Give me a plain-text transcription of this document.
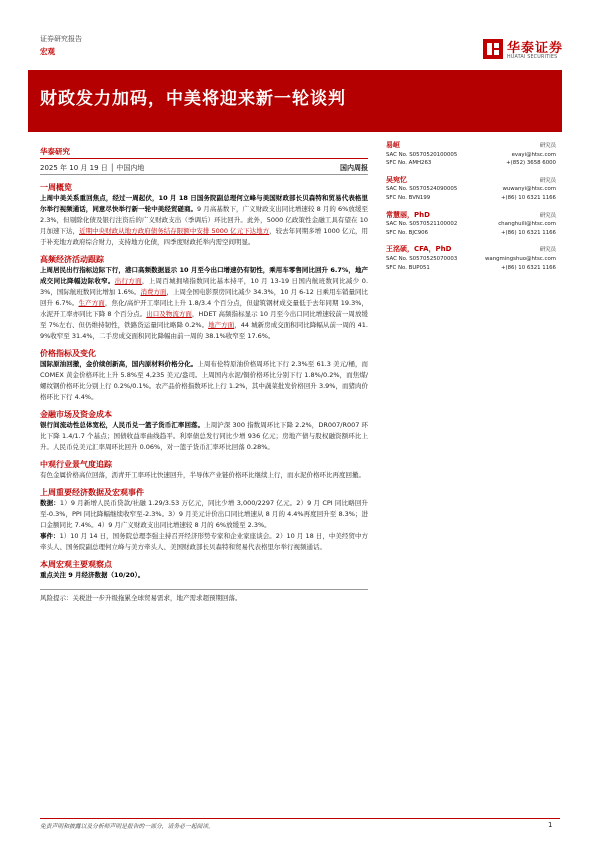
证券研究报告
宏观	华泰证券
HUATAI SECURITIES
财政发力加码，中美将迎来新一轮谈判
华泰研究
2025 年 10 月 19 日 │ 中国内地	国内周报
一周概览
上周中美关系重回焦点，经过一周起伏，10 月 18 日国务院副总理何立峰与美国财政部长贝森特和贸易代表格里尔举行视频通话，同意尽快举行新一轮中美经贸磋商。9 月高基数下，广义财政支出同比增速较 8 月的 6%放缓至 2.3%，但剔除化债及银行注资后的广义财政支出（季调后）环比回升。此外，5000 亿政策性金融工具有望在 10 月加速下达，近期中央财政从地方政府债务结存限额中安排 5000 亿元下达地方，较去年同期多增 1000 亿元，用于补充地方政府综合财力，支持地方化债，四季度财政托举内需空间明显。
高频经济活动跟踪
上周居民出行指标边际下行，港口高频数据显示 10 月至今出口增速仍有韧性，乘用车零售同比回升 6.7%，地产成交同比降幅边际收窄。出行方面，上周百城拥堵指数同比基本持平，10 月 13-19 日国内航班数同比减少 0.3%，国际航班数同比增加 1.6%。消费方面，上周全国电影票房同比减少 34.3%，10 月 6-12 日乘用车销量同比回升 6.7%。生产方面，焦化/高炉开工率同比上升 1.8/3.4 个百分点，但建筑钢材成交量低于去年同期 19.3%，水泥开工率亦同比下降 8 个百分点。出口及物流方面，HDET 高频指标显示 10 月至今出口同比增速较前一周放缓至 7%左右、但仍维持韧性，铁路货运量同比略降 0.2%。地产方面，44 城新房成交面积同比降幅从前一周的 41.9%收窄至 31.4%，二手房成交面积同比降幅由前一周的 38.1%收窄至 17.6%。
价格指标及变化
国际原油回撤，金价续创新高，国内原材料价格分化。上周布伦特原油价格周环比下行 2.3%至 61.3 美元/桶，而 COMEX 黄金价格环比上升 5.8%至 4,235 美元/盎司。上周国内水泥/铜价格环比分别下行 1.8%/0.2%，而焦煤/螺纹钢价格环比分别上行 0.2%/0.1%。农产品价格指数环比上行 1.2%，其中蔬菜批发价格回升 3.9%，而猪肉价格环比下行 4.4%。
金融市场及资金成本
银行间流动性总体宽松，人民币兑一篮子货币汇率回落。上周沪深 300 指数周环比下降 2.2%，DR007/R007 环比下降 1.4/1.7 个基点；国债收益率曲线趋平。利率债总发行同比少增 936 亿元；房地产债与股权融资额环比上升。人民币兑美元汇率周环比回升 0.06%，对一篮子货币汇率环比回落 0.28%。
中观行业景气度追踪
有色金属价格高位回落，沥青开工率环比快速回升，半导体产业链价格环比继续上行，而水泥价格环比再度回撤。
上周重要经济数据及宏观事件
数据：1）9 月新增人民币贷款/社融 1.29/3.53 万亿元，同比少增 3,000/2297 亿元。2）9 月 CPI 同比略回升至-0.3%，PPI 同比降幅继续收窄至-2.3%。3）9 月美元计价出口同比增速从 8 月的 4.4%再度回升至 8.3%；进口金额同比 7.4%。4）9 月广义财政支出同比增速较 8 月的 6%放缓至 2.3%。
事件：1）10 月 14 日，国务院总理李强主持召开经济形势专家和企业家座谈会。2）10 月 18 日，中美经贸中方牵头人、国务院副总理何立峰与美方牵头人、美国财政部长贝森特和贸易代表格里尔举行视频通话。
本周宏观主要观察点
重点关注 9 月经济数据（10/20）。
风险提示：关税进一步升级拖累全球贸易需求，地产需求超预期回落。
易峘	研究员
SAC No. S0570520100005	evayi@htsc.com
SFC No. AMH263	+(852) 3658 6000
吴宛忆	研究员
SAC No. S0570524090005	wuwanyi@htsc.com
SFC No. BVN199	+(86) 10 6321 1166
常慧丽，PhD	研究员
SAC No. S0570521100002	changhuili@htsc.com
SFC No. BJC906	+(86) 10 6321 1166
王洺硕，CFA，PhD	研究员
SAC No. S0570525070003	wangmingshuo@htsc.com
SFC No. BUP051	+(86) 10 6321 1166
免责声明和披露以及分析师声明是报告的一部分，请务必一起阅读。	1
